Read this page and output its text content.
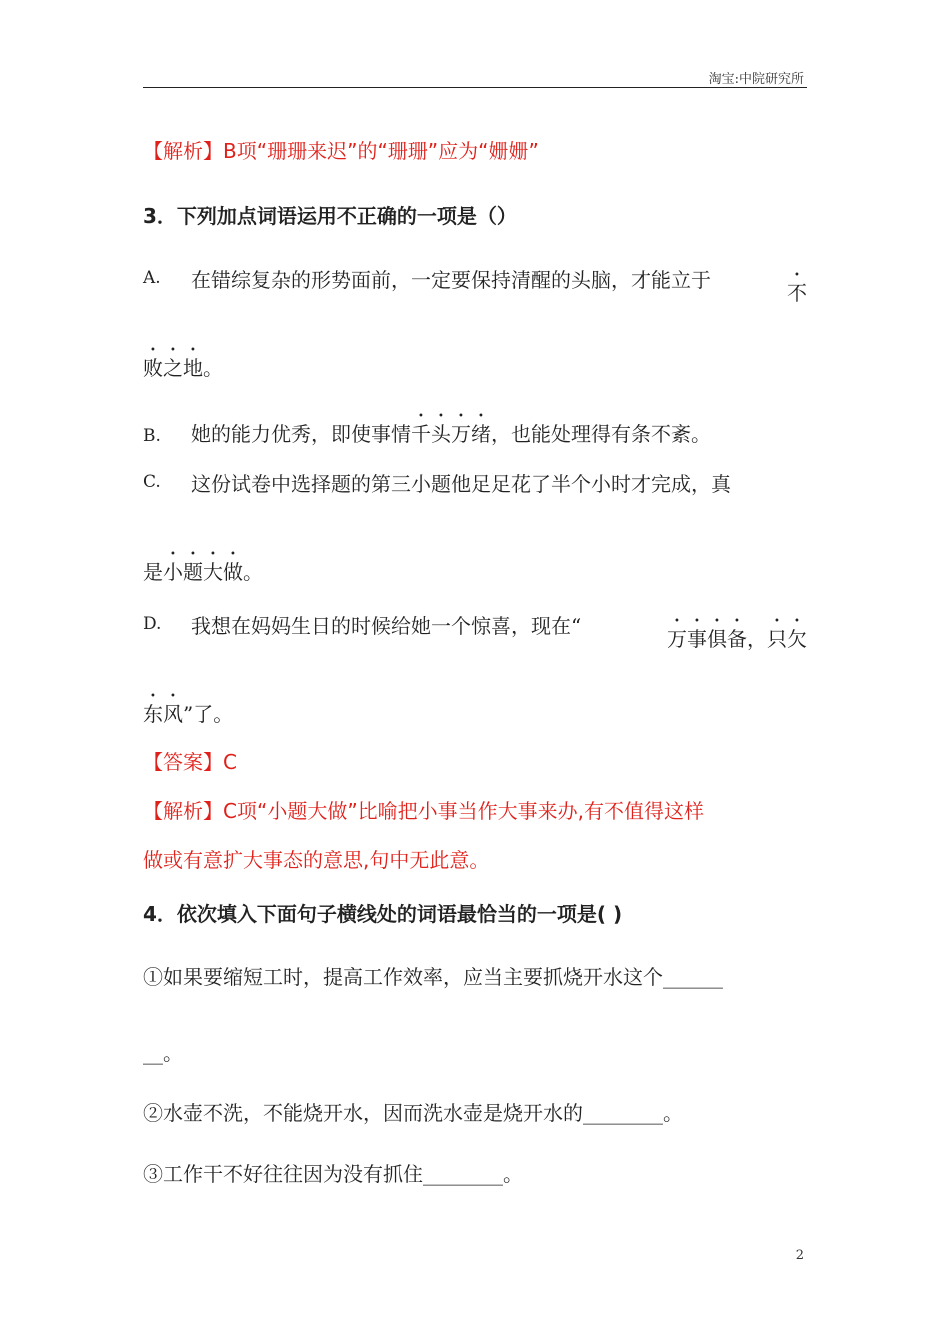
淘宝:中院研究所
【解析】B项“珊珊来迟”的“珊珊”应为“姗姗”
3．下列加点词语运用不正确的一项是（）
A.	在错综复杂的形势面前，一定要保持清醒的头脑，才能立于
不
败之地。
B. 她的能力优秀，即使事情千头万绪，也能处理得有条不紊。
C.	这份试卷中选择题的第三小题他足足花了半个小时才完成，真
是小题大做。
D.	我想在妈妈生日的时候给她一个惊喜，现在“
万事俱备，只欠
东风”了。
【答案】C
【解析】C项“小题大做”比喻把小事当作大事来办,有不值得这样
做或有意扩大事态的意思,句中无此意。
4．依次填入下面句子横线处的词语最恰当的一项是( )
①如果要缩短工时，提高工作效率，应当主要抓烧开水这个______
__。
②水壶不洗，不能烧开水，因而洗水壶是烧开水的________。
③工作干不好往往因为没有抓住________。
2
